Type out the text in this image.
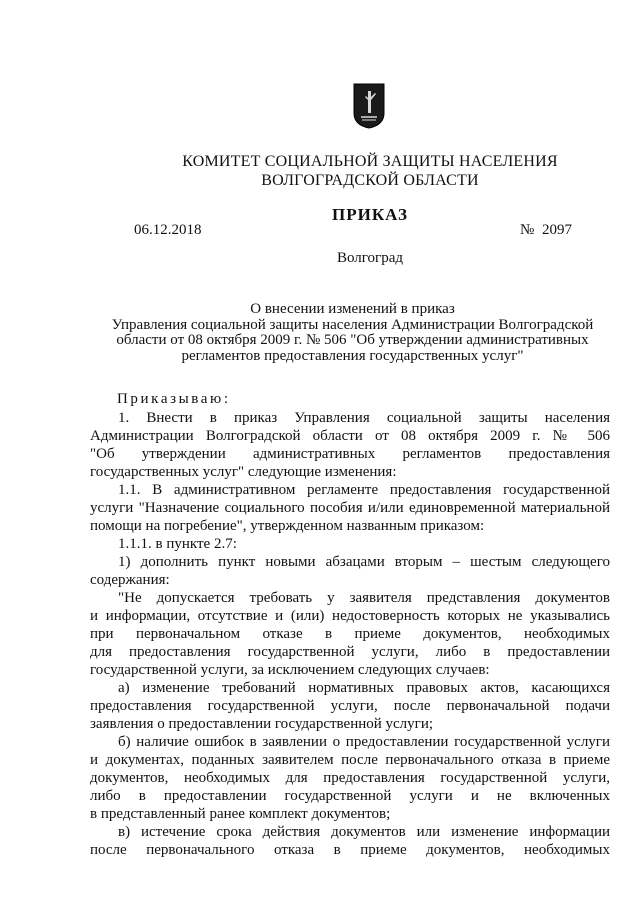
КОМИТЕТ СОЦИАЛЬНОЙ ЗАЩИТЫ НАСЕЛЕНИЯ
ВОЛГОГРАДСКОЙ ОБЛАСТИ
ПРИКАЗ
06.12.2018	№ 2097
Волгоград
О внесении изменений в приказ
Управления социальной защиты населения Администрации Волгоградской
области от 08 октября 2009 г. № 506 "Об утверждении административных
регламентов предоставления государственных услуг"
Приказываю:
1. Внести в приказ Управления социальной защиты населения
Администрации Волгоградской области от 08 октября 2009 г. № 506
"Об утверждении административных регламентов предоставления
государственных услуг" следующие изменения:
1.1. В административном регламенте предоставления государственной
услуги "Назначение социального пособия и/или единовременной материальной
помощи на погребение", утвержденном названным приказом:
1.1.1. в пункте 2.7:
1) дополнить пункт новыми абзацами вторым – шестым следующего
содержания:
"Не допускается требовать у заявителя представления документов
и информации, отсутствие и (или) недостоверность которых не указывались
при первоначальном отказе в приеме документов, необходимых
для предоставления государственной услуги, либо в предоставлении
государственной услуги, за исключением следующих случаев:
а) изменение требований нормативных правовых актов, касающихся
предоставления государственной услуги, после первоначальной подачи
заявления о предоставлении государственной услуги;
б) наличие ошибок в заявлении о предоставлении государственной услуги
и документах, поданных заявителем после первоначального отказа в приеме
документов, необходимых для предоставления государственной услуги,
либо в предоставлении государственной услуги и не включенных
в представленный ранее комплект документов;
в) истечение срока действия документов или изменение информации
после первоначального отказа в приеме документов, необходимых
